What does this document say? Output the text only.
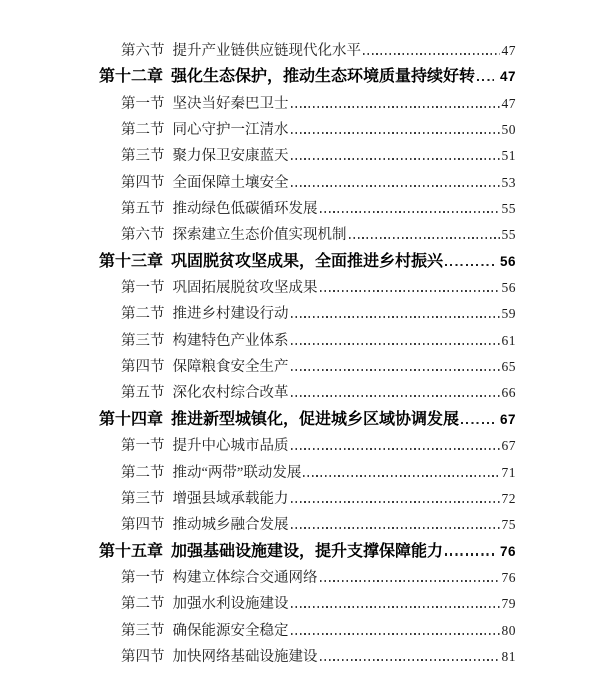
第六节 提升产业链供应链现代化水平	47
第十二章 强化生态保护，推动生态环境质量持续好转 47
第一节 坚决当好秦巴卫士	47
第二节 同心守护一江清水	50
第三节 聚力保卫安康蓝天	51
第四节 全面保障土壤安全	53
第五节 推动绿色低碳循环发展	55
第六节 探索建立生态价值实现机制	55
第十三章 巩固脱贫攻坚成果，全面推进乡村振兴	56
第一节 巩固拓展脱贫攻坚成果	56
第二节 推进乡村建设行动	59
第三节 构建特色产业体系	61
第四节 保障粮食安全生产	65
第五节 深化农村综合改革	66
第十四章 推进新型城镇化，促进城乡区域协调发展	67
第一节 提升中心城市品质	67
第二节 推动“两带”联动发展	71
第三节 增强县域承载能力	72
第四节 推动城乡融合发展	75
第十五章 加强基础设施建设，提升支撑保障能力	76
第一节 构建立体综合交通网络	76
第二节 加强水利设施建设	79
第三节 确保能源安全稳定	80
第四节 加快网络基础设施建设	81
